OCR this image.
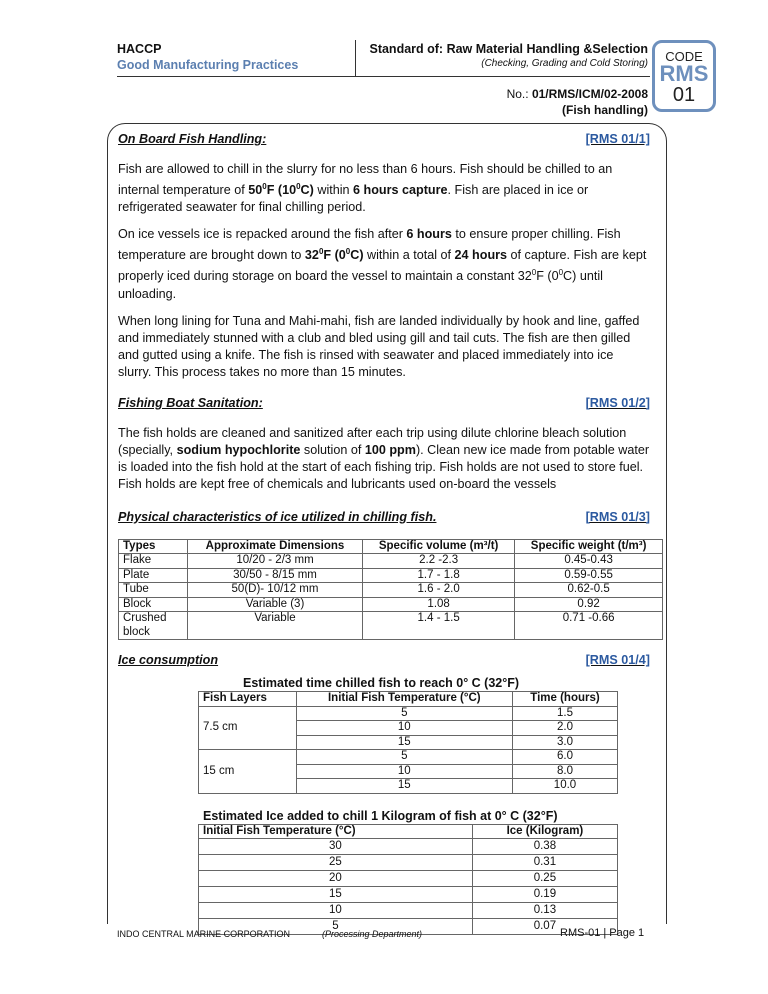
HACCP
Good Manufacturing Practices
Standard of: Raw Material Handling &Selection
(Checking, Grading and Cold Storing)
No.: 01/RMS/ICM/02-2008
(Fish handling)
CODE
RMS
01
On Board Fish Handling:	[RMS 01/1]

Fish are allowed to chill in the slurry for no less than 6 hours. Fish should be chilled to an internal temperature of $50^0F$ $(10^0C)$ within 6 hours capture. Fish are placed in ice or refrigerated seawater for final chilling period.

On ice vessels ice is repacked around the fish after 6 hours to ensure proper chilling. Fish temperature are brought down to $32^0F$ $(0^0C)$ within a total of 24 hours of capture. Fish are kept properly iced during storage on board the vessel to maintain a constant $32^0F$ $(0^0C)$ until unloading.

When long lining for Tuna and Mahi-mahi, fish are landed individually by hook and line, gaffed and immediately stunned with a club and bled using gill and tail cuts. The fish are then gilled and gutted using a knife. The fish is rinsed with seawater and placed immediately into ice slurry. This process takes no more than 15 minutes.

Fishing Boat Sanitation:	[RMS 01/2]

The fish holds are cleaned and sanitized after each trip using dilute chlorine bleach solution (specially, sodium hypochlorite solution of 100 ppm). Clean new ice made from potable water is loaded into the fish hold at the start of each fishing trip. Fish holds are not used to store fuel. Fish holds are kept free of chemicals and lubricants used on-board the vessels

Physical characteristics of ice utilized in chilling fish.	[RMS 01/3]
Types	Approximate Dimensions	Specific volume (m³/t)	Specific weight (t/m³)
Flake	10/20 - 2/3 mm	2.2 -2.3	0.45-0.43
Plate	30/50 - 8/15 mm	1.7 - 1.8	0.59-0.55
Tube	50(D)- 10/12 mm	1.6 - 2.0	0.62-0.5
Block	Variable (3)	1.08	0.92
Crushed block	Variable	1.4 - 1.5	0.71 -0.66
Ice consumption	[RMS 01/4]
Estimated time chilled fish to reach 0° C (32°F)
Fish Layers	Initial Fish Temperature (°C)	Time (hours)
7.5 cm	5	1.5
	10	2.0
	15	3.0
15 cm	5	6.0
	10	8.0
	15	10.0
Estimated Ice added to chill 1 Kilogram of fish at 0° C (32°F)
Initial Fish Temperature (°C)	Ice (Kilogram)
30	0.38
25	0.31
20	0.25
15	0.19
10	0.13
5	0.07
INDO CENTRAL MARINE CORPORATION	(Processing Department)	RMS-01 | Page 1
